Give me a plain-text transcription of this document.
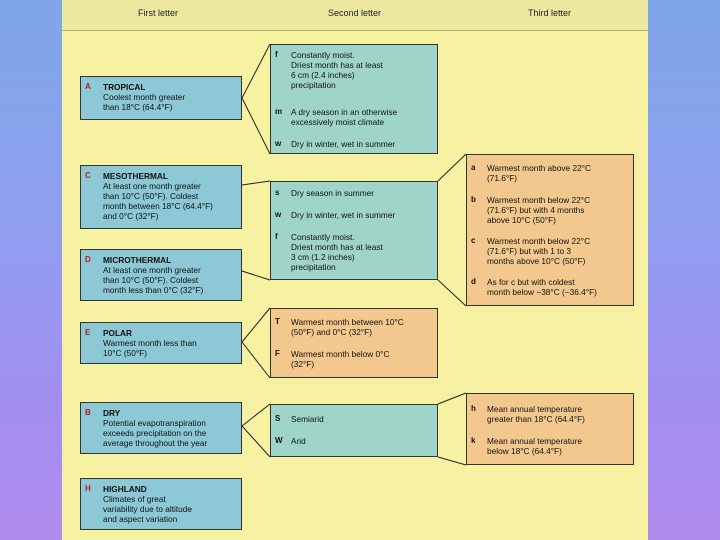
First letter	Second letter	Third letter
A TROPICAL
Coolest month greater
than 18°C (64.4°F)
C MESOTHERMAL
At least one month greater
than 10°C (50°F). Coldest
month between 18°C (64.4°F)
and 0°C (32°F)
D MICROTHERMAL
At least one month greater
than 10°C (50°F). Coldest
month less than 0°C (32°F)
E POLAR
Warmest month less than
10°C (50°F)
B DRY
Potential evapotranspiration
exceeds precipitation on the
average throughout the year
H HIGHLAND
Climates of great
variability due to altitude
and aspect variation
f Constantly moist.
Driest month has at least
6 cm (2.4 inches)
precipitation
m A dry season in an otherwise
excessively moist climate
w Dry in winter, wet in summer
s Dry season in summer
w Dry in winter, wet in summer
f Constantly moist.
Driest month has at least
3 cm (1.2 inches)
precipitation
T Warmest month between 10°C
(50°F) and 0°C (32°F)
F Warmest month below 0°C
(32°F)
S Semiarid
W Arid
a Warmest month above 22°C
(71.6°F)
b Warmest month below 22°C
(71.6°F) but with 4 months
above 10°C (50°F)
c Warmest month below 22°C
(71.6°F) but with 1 to 3
months above 10°C (50°F)
d As for c but with coldest
month below −38°C (−36.4°F)
h Mean annual temperature
greater than 18°C (64.4°F)
k Mean annual temperature
below 18°C (64.4°F)
